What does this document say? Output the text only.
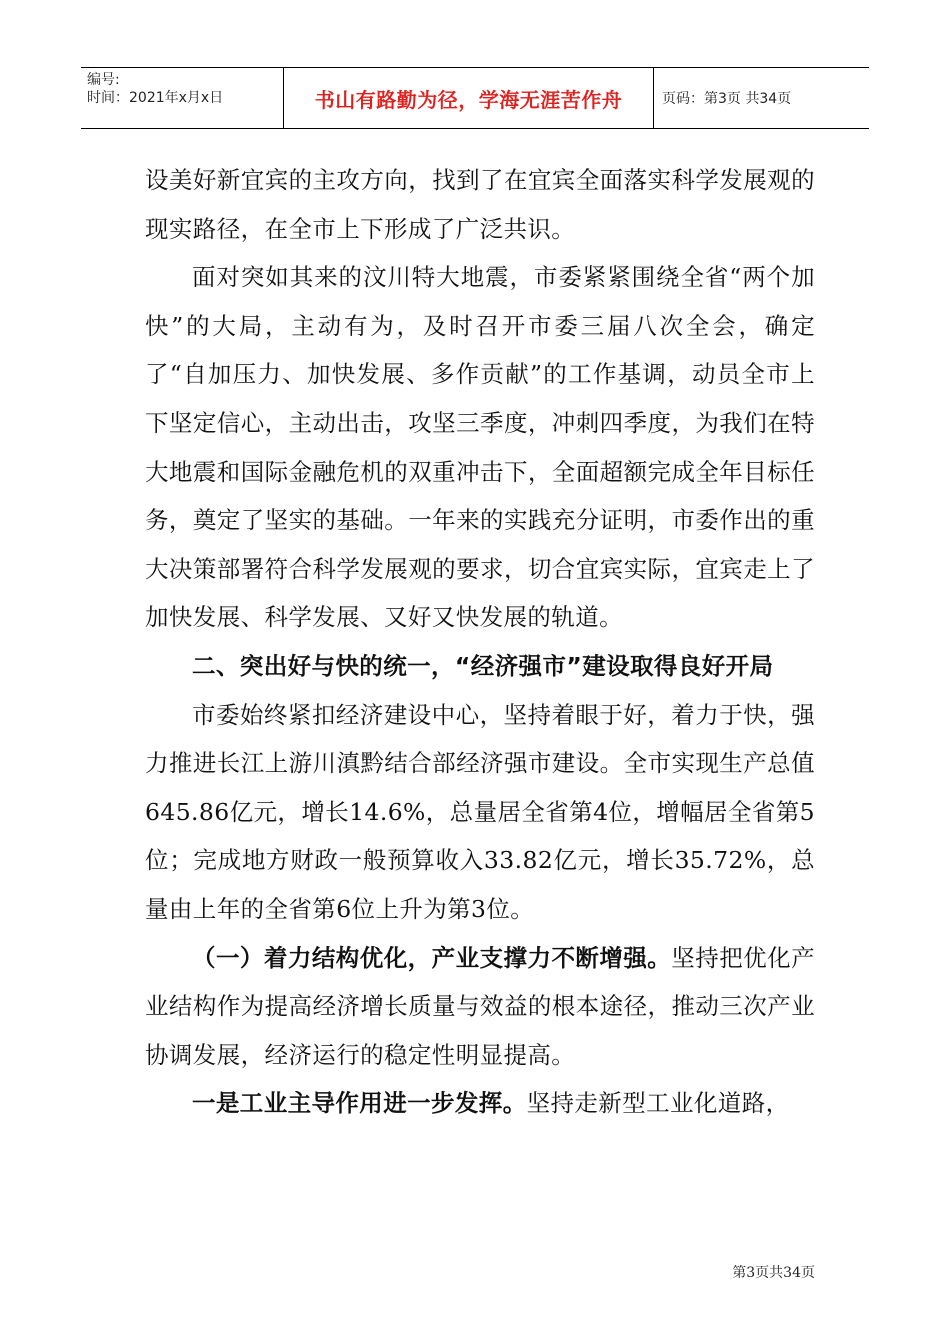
编号:
时间：2021年x月x日	书山有路勤为径，学海无涯苦作舟	页码：第3页 共34页

设美好新宜宾的主攻方向，找到了在宜宾全面落实科学发展观的现实路径，在全市上下形成了广泛共识。

面对突如其来的汶川特大地震，市委紧紧围绕全省“两个加快”的大局，主动有为，及时召开市委三届八次全会，确定了“自加压力、加快发展、多作贡献”的工作基调，动员全市上下坚定信心，主动出击，攻坚三季度，冲刺四季度，为我们在特大地震和国际金融危机的双重冲击下，全面超额完成全年目标任务，奠定了坚实的基础。一年来的实践充分证明，市委作出的重大决策部署符合科学发展观的要求，切合宜宾实际，宜宾走上了加快发展、科学发展、又好又快发展的轨道。

二、突出好与快的统一，“经济强市”建设取得良好开局

市委始终紧扣经济建设中心，坚持着眼于好，着力于快，强力推进长江上游川滇黔结合部经济强市建设。全市实现生产总值645.86亿元，增长14.6%，总量居全省第4位，增幅居全省第5位；完成地方财政一般预算收入33.82亿元，增长35.72%，总量由上年的全省第6位上升为第3位。

（一）着力结构优化，产业支撑力不断增强。坚持把优化产业结构作为提高经济增长质量与效益的根本途径，推动三次产业协调发展，经济运行的稳定性明显提高。

一是工业主导作用进一步发挥。坚持走新型工业化道路，

第3页共34页
